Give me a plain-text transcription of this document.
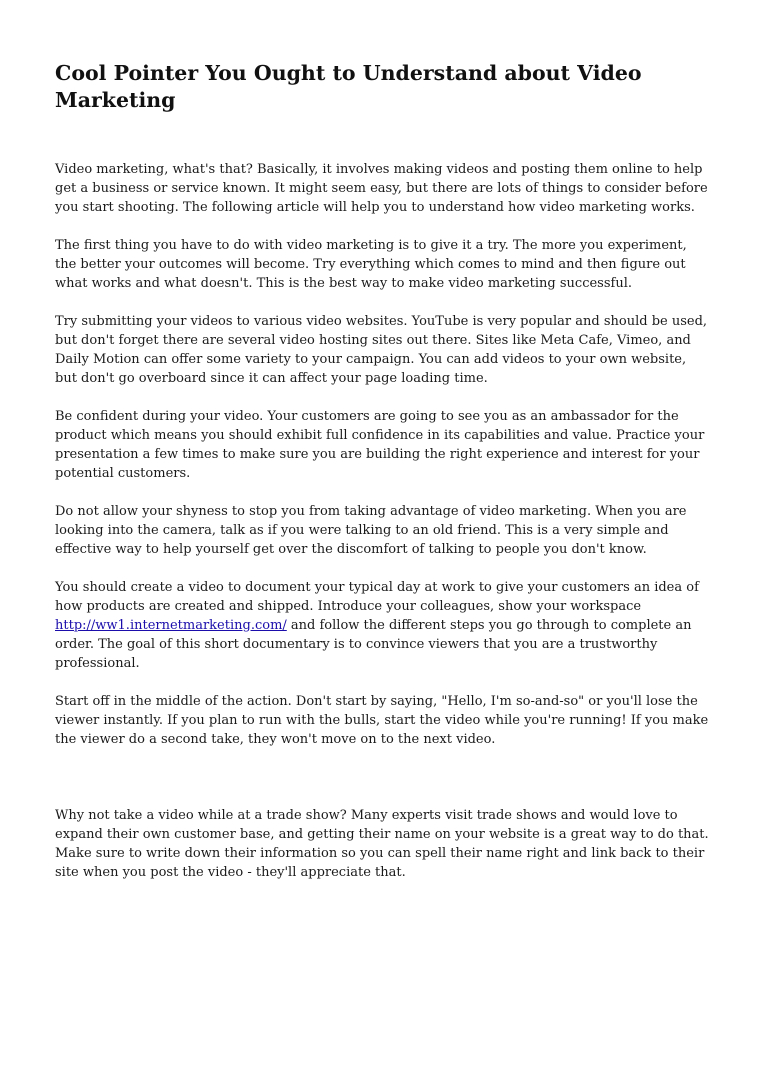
Cool Pointer You Ought to Understand about Video Marketing

Video marketing, what's that? Basically, it involves making videos and posting them online to help get a business or service known. It might seem easy, but there are lots of things to consider before you start shooting. The following article will help you to understand how video marketing works.

The first thing you have to do with video marketing is to give it a try. The more you experiment, the better your outcomes will become. Try everything which comes to mind and then figure out what works and what doesn't. This is the best way to make video marketing successful.

Try submitting your videos to various video websites. YouTube is very popular and should be used, but don't forget there are several video hosting sites out there. Sites like Meta Cafe, Vimeo, and Daily Motion can offer some variety to your campaign. You can add videos to your own website, but don't go overboard since it can affect your page loading time.

Be confident during your video. Your customers are going to see you as an ambassador for the product which means you should exhibit full confidence in its capabilities and value. Practice your presentation a few times to make sure you are building the right experience and interest for your potential customers.

Do not allow your shyness to stop you from taking advantage of video marketing. When you are looking into the camera, talk as if you were talking to an old friend. This is a very simple and effective way to help yourself get over the discomfort of talking to people you don't know.

You should create a video to document your typical day at work to give your customers an idea of how products are created and shipped. Introduce your colleagues, show your workspace http://ww1.internetmarketing.com/ and follow the different steps you go through to complete an order. The goal of this short documentary is to convince viewers that you are a trustworthy professional.

Start off in the middle of the action. Don't start by saying, "Hello, I'm so-and-so" or you'll lose the viewer instantly. If you plan to run with the bulls, start the video while you're running! If you make the viewer do a second take, they won't move on to the next video.

Why not take a video while at a trade show? Many experts visit trade shows and would love to expand their own customer base, and getting their name on your website is a great way to do that. Make sure to write down their information so you can spell their name right and link back to their site when you post the video - they'll appreciate that.
